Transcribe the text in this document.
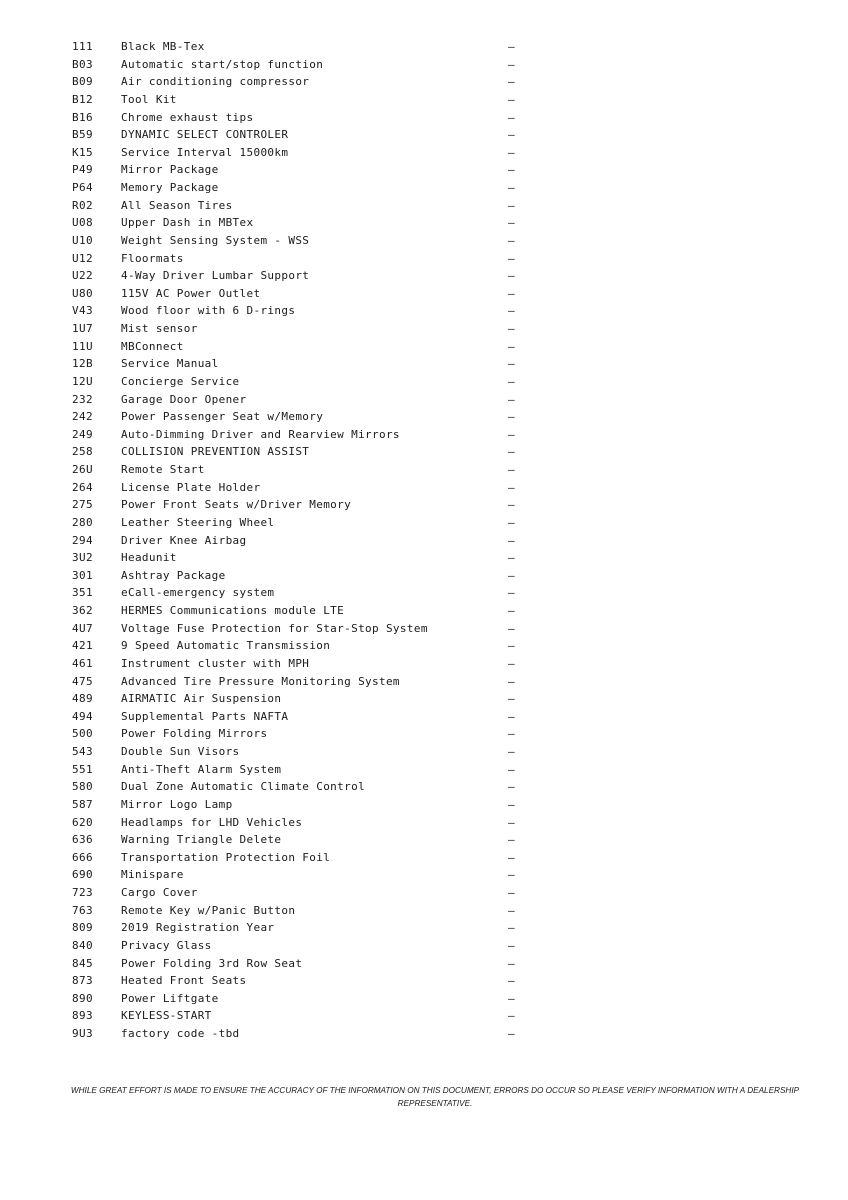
111	Black MB-Tex	—
B03	Automatic start/stop function	—
B09	Air conditioning compressor	—
B12	Tool Kit	—
B16	Chrome exhaust tips	—
B59	DYNAMIC SELECT CONTROLER	—
K15	Service Interval 15000km	—
P49	Mirror Package	—
P64	Memory Package	—
R02	All Season Tires	—
U08	Upper Dash in MBTex	—
U10	Weight Sensing System - WSS	—
U12	Floormats	—
U22	4-Way Driver Lumbar Support	—
U80	115V AC Power Outlet	—
V43	Wood floor with 6 D-rings	—
1U7	Mist sensor	—
11U	MBConnect	—
12B	Service Manual	—
12U	Concierge Service	—
232	Garage Door Opener	—
242	Power Passenger Seat w/Memory	—
249	Auto-Dimming Driver and Rearview Mirrors	—
258	COLLISION PREVENTION ASSIST	—
26U	Remote Start	—
264	License Plate Holder	—
275	Power Front Seats w/Driver Memory	—
280	Leather Steering Wheel	—
294	Driver Knee Airbag	—
3U2	Headunit	—
301	Ashtray Package	—
351	eCall-emergency system	—
362	HERMES Communications module LTE	—
4U7	Voltage Fuse Protection for Star-Stop System	—
421	9 Speed Automatic Transmission	—
461	Instrument cluster with MPH	—
475	Advanced Tire Pressure Monitoring System	—
489	AIRMATIC Air Suspension	—
494	Supplemental Parts NAFTA	—
500	Power Folding Mirrors	—
543	Double Sun Visors	—
551	Anti-Theft Alarm System	—
580	Dual Zone Automatic Climate Control	—
587	Mirror Logo Lamp	—
620	Headlamps for LHD Vehicles	—
636	Warning Triangle Delete	—
666	Transportation Protection Foil	—
690	Minispare	—
723	Cargo Cover	—
763	Remote Key w/Panic Button	—
809	2019 Registration Year	—
840	Privacy Glass	—
845	Power Folding 3rd Row Seat	—
873	Heated Front Seats	—
890	Power Liftgate	—
893	KEYLESS-START	—
9U3	factory code -tbd	—

WHILE GREAT EFFORT IS MADE TO ENSURE THE ACCURACY OF THE INFORMATION ON THIS DOCUMENT, ERRORS DO OCCUR SO PLEASE VERIFY INFORMATION WITH A DEALERSHIP REPRESENTATIVE.
